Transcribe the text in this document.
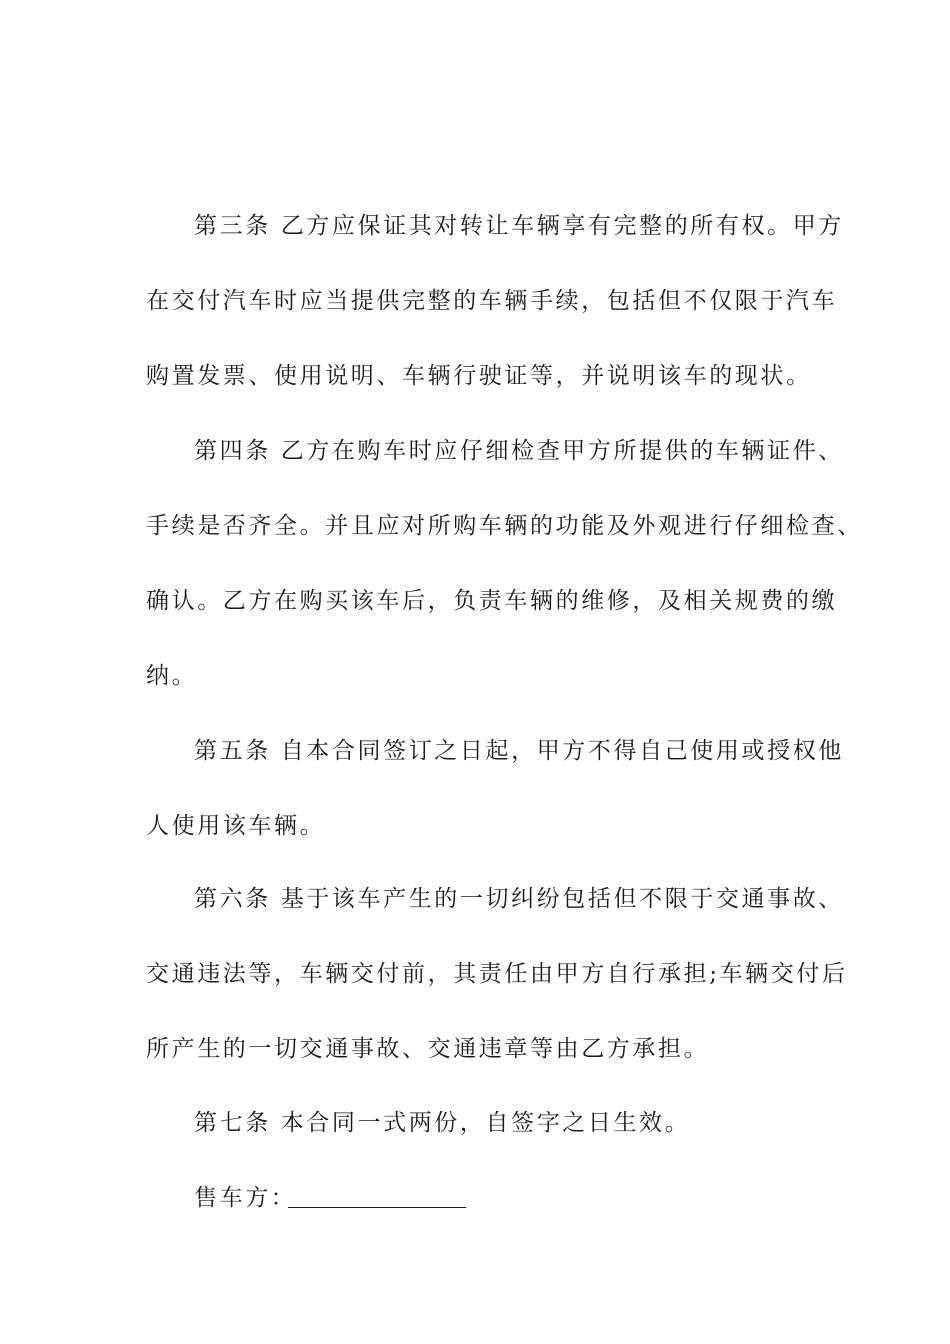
第三条 乙方应保证其对转让车辆享有完整的所有权。甲方
在交付汽车时应当提供完整的车辆手续，包括但不仅限于汽车
购置发票、使用说明、车辆行驶证等，并说明该车的现状。
第四条 乙方在购车时应仔细检查甲方所提供的车辆证件、
手续是否齐全。并且应对所购车辆的功能及外观进行仔细检查、
确认。乙方在购买该车后，负责车辆的维修，及相关规费的缴
纳。
第五条 自本合同签订之日起，甲方不得自己使用或授权他
人使用该车辆。
第六条 基于该车产生的一切纠纷包括但不限于交通事故、
交通违法等，车辆交付前，其责任由甲方自行承担;车辆交付后
所产生的一切交通事故、交通违章等由乙方承担。
第七条 本合同一式两份，自签字之日生效。
售车方：
